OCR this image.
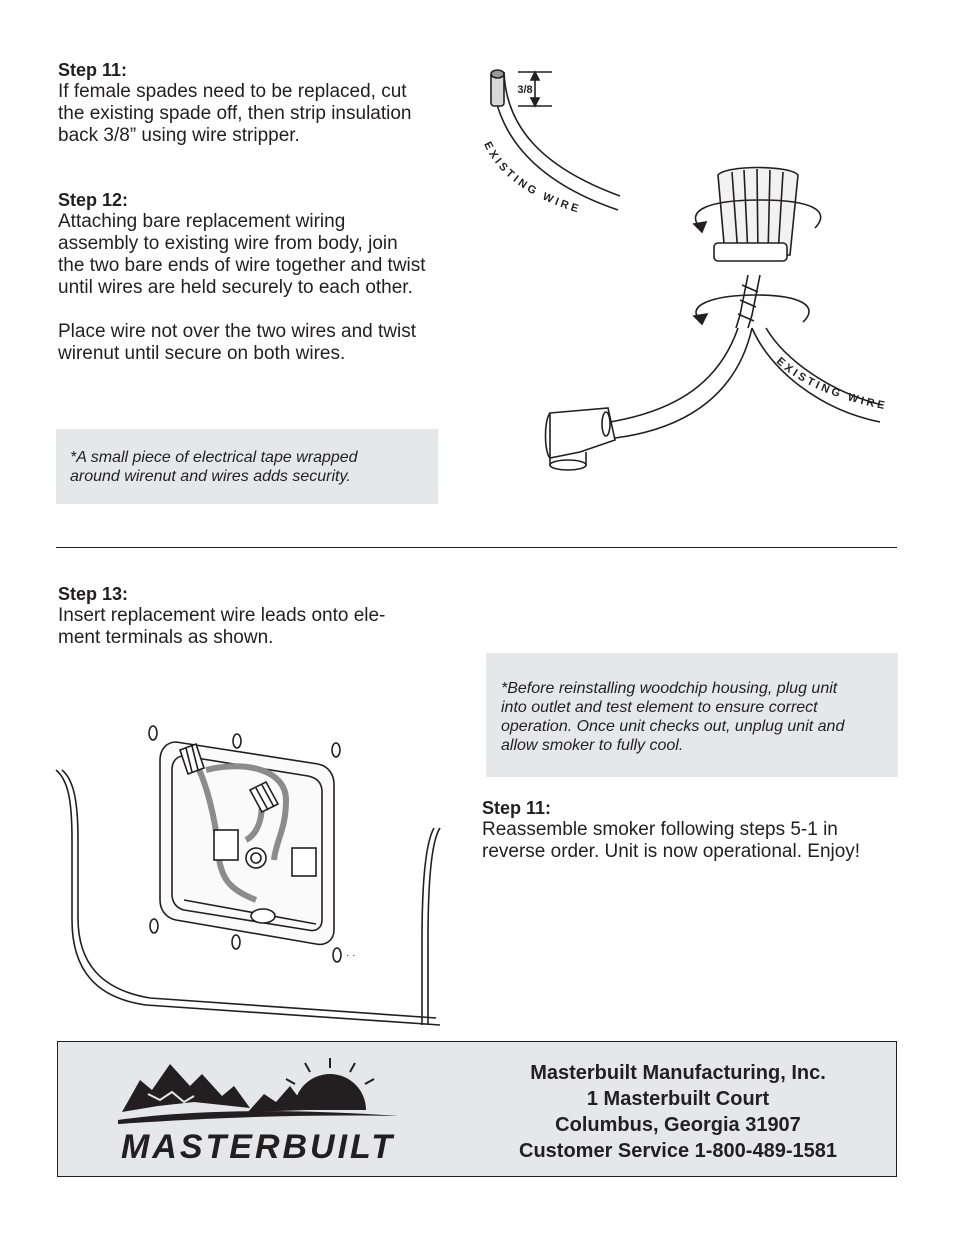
Step 11:

If female spades need to be replaced, cut

the existing spade off, then strip insulation

back 3/8” using wire stripper.

Step 12:

Attaching bare replacement wiring

assembly to existing wire from body, join

the two bare ends of wire together and twist

until wires are held securely to each other.

Place wire not over the two wires and twist

wirenut until secure on both wires.

*A small piece of electrical tape wrapped
around wirenut and wires adds security.
3/8
EXISTING WIRE
EXISTING WIRE
Step 13:

Insert replacement wire leads onto ele-

ment terminals as shown.

· ·
*Before reinstalling woodchip housing, plug unit
into outlet and test element to ensure correct
operation. Once unit checks out, unplug unit and
allow smoker to fully cool.
Step 11:

Reassemble smoker following steps 5-1 in

reverse order. Unit is now operational. Enjoy!

MASTERBUILT
Masterbuilt Manufacturing, Inc.
1 Masterbuilt Court
Columbus, Georgia 31907
Customer Service 1-800-489-1581
